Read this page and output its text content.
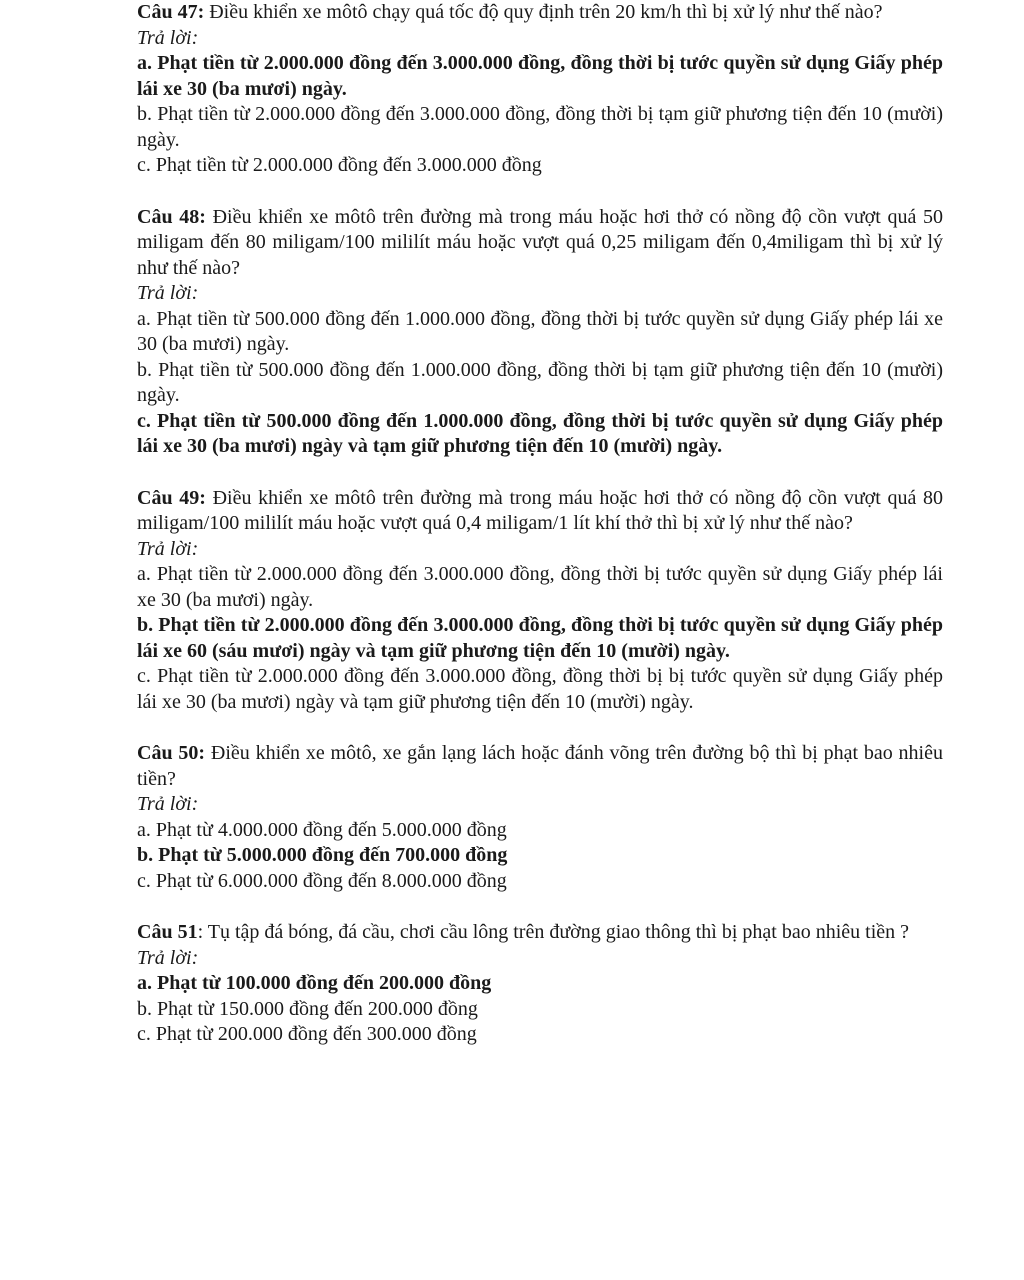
Câu 47: Điều khiển xe môtô chạy quá tốc độ quy định trên 20 km/h thì bị xử lý như thế nào?

Trả lời:

a. Phạt tiền từ 2.000.000 đồng đến 3.000.000 đồng, đồng thời bị tước quyền sử dụng Giấy phép lái xe 30 (ba mươi) ngày.

b. Phạt tiền từ 2.000.000 đồng đến 3.000.000 đồng, đồng thời bị tạm giữ phương tiện đến 10 (mười) ngày.

c. Phạt tiền từ 2.000.000 đồng đến 3.000.000 đồng

Câu 48: Điều khiển xe môtô trên đường mà trong máu hoặc hơi thở có nồng độ cồn vượt quá 50 miligam đến 80 miligam/100 mililít máu hoặc vượt quá 0,25 miligam đến 0,4miligam thì bị xử lý như thế nào?

Trả lời:

a. Phạt tiền từ 500.000 đồng đến 1.000.000 đồng, đồng thời bị tước quyền sử dụng Giấy phép lái xe 30 (ba mươi) ngày.

b. Phạt tiền từ 500.000 đồng đến 1.000.000 đồng, đồng thời bị tạm giữ phương tiện đến 10 (mười) ngày.

c. Phạt tiền từ 500.000 đồng đến 1.000.000 đồng, đồng thời bị tước quyền sử dụng Giấy phép lái xe 30 (ba mươi) ngày và tạm giữ phương tiện đến 10 (mười) ngày.

Câu 49: Điều khiển xe môtô trên đường mà trong máu hoặc hơi thở có nồng độ cồn vượt quá 80 miligam/100 mililít máu hoặc vượt quá 0,4 miligam/1 lít khí thở thì bị xử lý như thế nào?

Trả lời:

a. Phạt tiền từ 2.000.000 đồng đến 3.000.000 đồng, đồng thời bị tước quyền sử dụng Giấy phép lái xe 30 (ba mươi) ngày.

b. Phạt tiền từ 2.000.000 đồng đến 3.000.000 đồng, đồng thời bị tước quyền sử dụng Giấy phép lái xe 60 (sáu mươi) ngày và tạm giữ phương tiện đến 10 (mười) ngày.

c. Phạt tiền từ 2.000.000 đồng đến 3.000.000 đồng, đồng thời bị bị tước quyền sử dụng Giấy phép lái xe 30 (ba mươi) ngày và tạm giữ phương tiện đến 10 (mười) ngày.

Câu 50: Điều khiển xe môtô, xe gắn lạng lách hoặc đánh võng trên đường bộ thì bị phạt bao nhiêu tiền?

Trả lời:

a. Phạt từ 4.000.000 đồng đến 5.000.000 đồng

b. Phạt từ 5.000.000 đồng đến 700.000 đồng

c. Phạt từ 6.000.000 đồng đến 8.000.000 đồng

Câu 51: Tụ tập đá bóng, đá cầu, chơi cầu lông trên đường giao thông thì bị phạt bao nhiêu tiền ?

Trả lời:

a. Phạt từ 100.000 đồng đến 200.000 đồng

b. Phạt từ 150.000 đồng đến 200.000 đồng

c. Phạt từ 200.000 đồng đến 300.000 đồng
